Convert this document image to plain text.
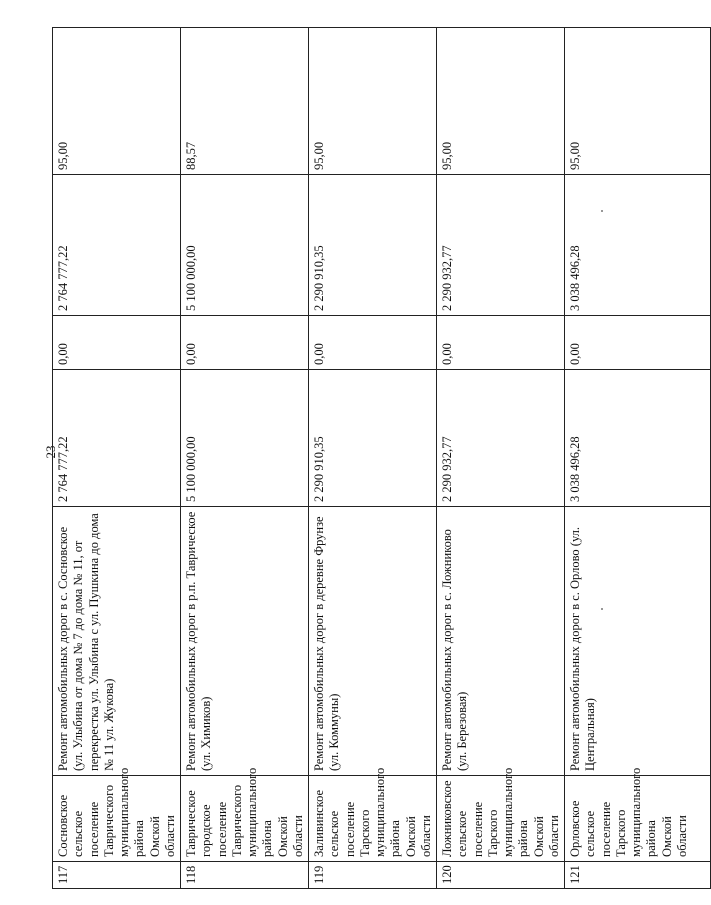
23
117	Сосновское сельское поселение Таврического муниципального района Омской области	Ремонт автомобильных дорог в с. Сосновское (ул. Улыбина от дома № 7 до дома № 11, от перекрестка ул. Улыбина с ул. Пушкина до дома № 11 ул. Жукова)	2 764 777,22	0,00	2 764 777,22	95,00
118	Таврическое городское поселение Таврического муниципального района Омской области	Ремонт автомобильных дорог в р.п. Таврическое (ул. Химиков)	5 100 000,00	0,00	5 100 000,00	88,57
119	Заливинское сельское поселение Тарского муниципального района Омской области	Ремонт автомобильных дорог в деревне Фрунзе (ул. Коммуны)	2 290 910,35	0,00	2 290 910,35	95,00
120	Ложниковское сельское поселение Тарского муниципального района Омской области	Ремонт автомобильных дорог в с. Ложниково (ул. Березовая)	2 290 932,77	0,00	2 290 932,77	95,00
121	Орловское сельское поселение Тарского муниципального района Омской области	Ремонт автомобильных дорог в с. Орлово (ул. Центральная)	3 038 496,28	0,00	3 038 496,28	95,00
